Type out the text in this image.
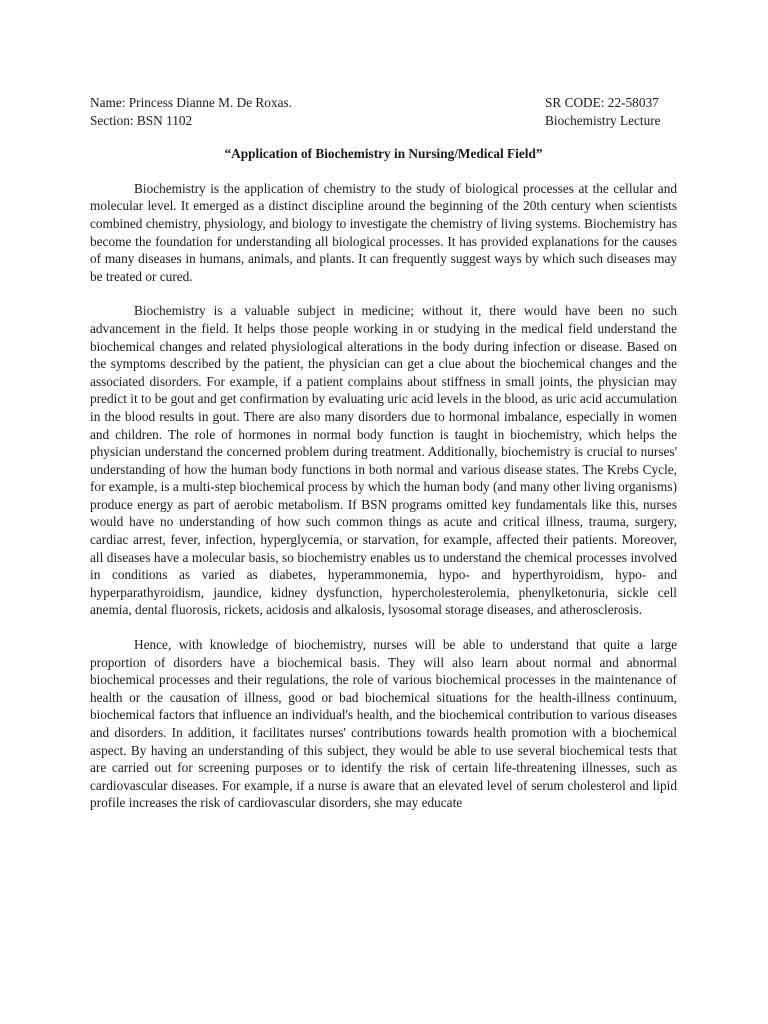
Name: Princess Dianne M. De Roxas.	SR CODE: 22-58037
Section: BSN 1102	Biochemistry Lecture
“Application of Biochemistry in Nursing/Medical Field”

Biochemistry is the application of chemistry to the study of biological processes at the cellular and molecular level. It emerged as a distinct discipline around the beginning of the 20th century when scientists combined chemistry, physiology, and biology to investigate the chemistry of living systems. Biochemistry has become the foundation for understanding all biological processes. It has provided explanations for the causes of many diseases in humans, animals, and plants. It can frequently suggest ways by which such diseases may be treated or cured.

Biochemistry is a valuable subject in medicine; without it, there would have been no such advancement in the field. It helps those people working in or studying in the medical field understand the biochemical changes and related physiological alterations in the body during infection or disease. Based on the symptoms described by the patient, the physician can get a clue about the biochemical changes and the associated disorders. For example, if a patient complains about stiffness in small joints, the physician may predict it to be gout and get confirmation by evaluating uric acid levels in the blood, as uric acid accumulation in the blood results in gout. There are also many disorders due to hormonal imbalance, especially in women and children. The role of hormones in normal body function is taught in biochemistry, which helps the physician understand the concerned problem during treatment. Additionally, biochemistry is crucial to nurses' understanding of how the human body functions in both normal and various disease states. The Krebs Cycle, for example, is a multi-step biochemical process by which the human body (and many other living organisms) produce energy as part of aerobic metabolism. If BSN programs omitted key fundamentals like this, nurses would have no understanding of how such common things as acute and critical illness, trauma, surgery, cardiac arrest, fever, infection, hyperglycemia, or starvation, for example, affected their patients. Moreover, all diseases have a molecular basis, so biochemistry enables us to understand the chemical processes involved in conditions as varied as diabetes, hyperammonemia, hypo- and hyperthyroidism, hypo- and hyperparathyroidism, jaundice, kidney dysfunction, hypercholesterolemia, phenylketonuria, sickle cell anemia, dental fluorosis, rickets, acidosis and alkalosis, lysosomal storage diseases, and atherosclerosis.

Hence, with knowledge of biochemistry, nurses will be able to understand that quite a large proportion of disorders have a biochemical basis. They will also learn about normal and abnormal biochemical processes and their regulations, the role of various biochemical processes in the maintenance of health or the causation of illness, good or bad biochemical situations for the health-illness continuum, biochemical factors that influence an individual's health, and the biochemical contribution to various diseases and disorders. In addition, it facilitates nurses' contributions towards health promotion with a biochemical aspect. By having an understanding of this subject, they would be able to use several biochemical tests that are carried out for screening purposes or to identify the risk of certain life-threatening illnesses, such as cardiovascular diseases. For example, if a nurse is aware that an elevated level of serum cholesterol and lipid profile increases the risk of cardiovascular disorders, she may educate
